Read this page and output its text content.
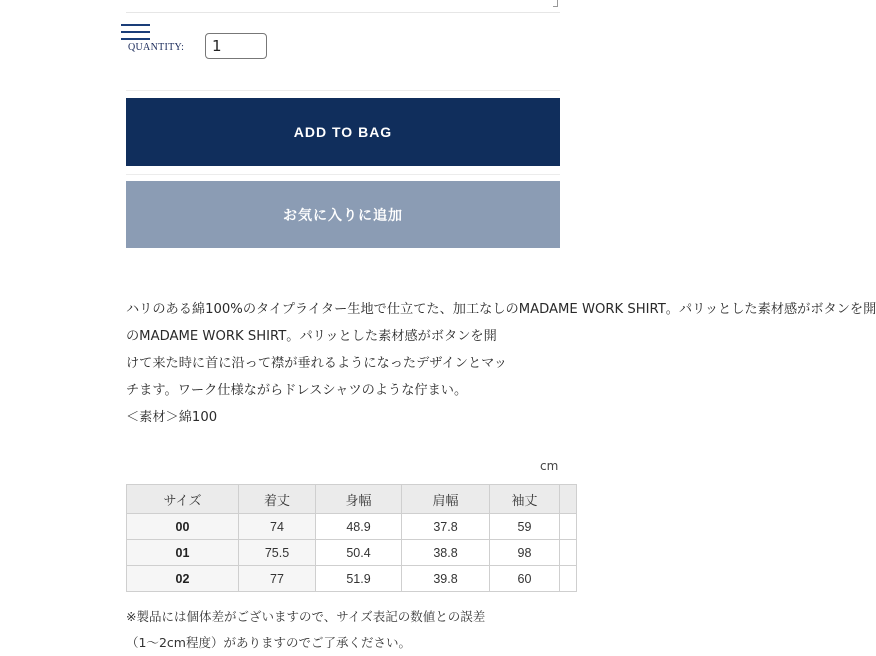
QUANTITY:
1
ADD TO BAG
お気に入りに追加
ハリのある綿100%のタイプライター生地で仕立てた、加工なしのMADAME WORK SHIRT。パリッとした素材感がボタンを開
のMADAME WORK SHIRT。パリッとした素材感がボタンを開
けて来た時に首に沿って襟が垂れるようになったデザインとマッ
チます。ワーク仕様ながらドレスシャツのような佇まい。
＜素材＞綿100
cm
サイズ	着丈	身幅	肩幅	袖丈	
00	74	48.9	37.8	59	
01	75.5	50.4	38.8	98	
02	77	51.9	39.8	60	
※製品には個体差がございますので、サイズ表記の数値との誤差
（1〜2cm程度）がありますのでご了承ください。
